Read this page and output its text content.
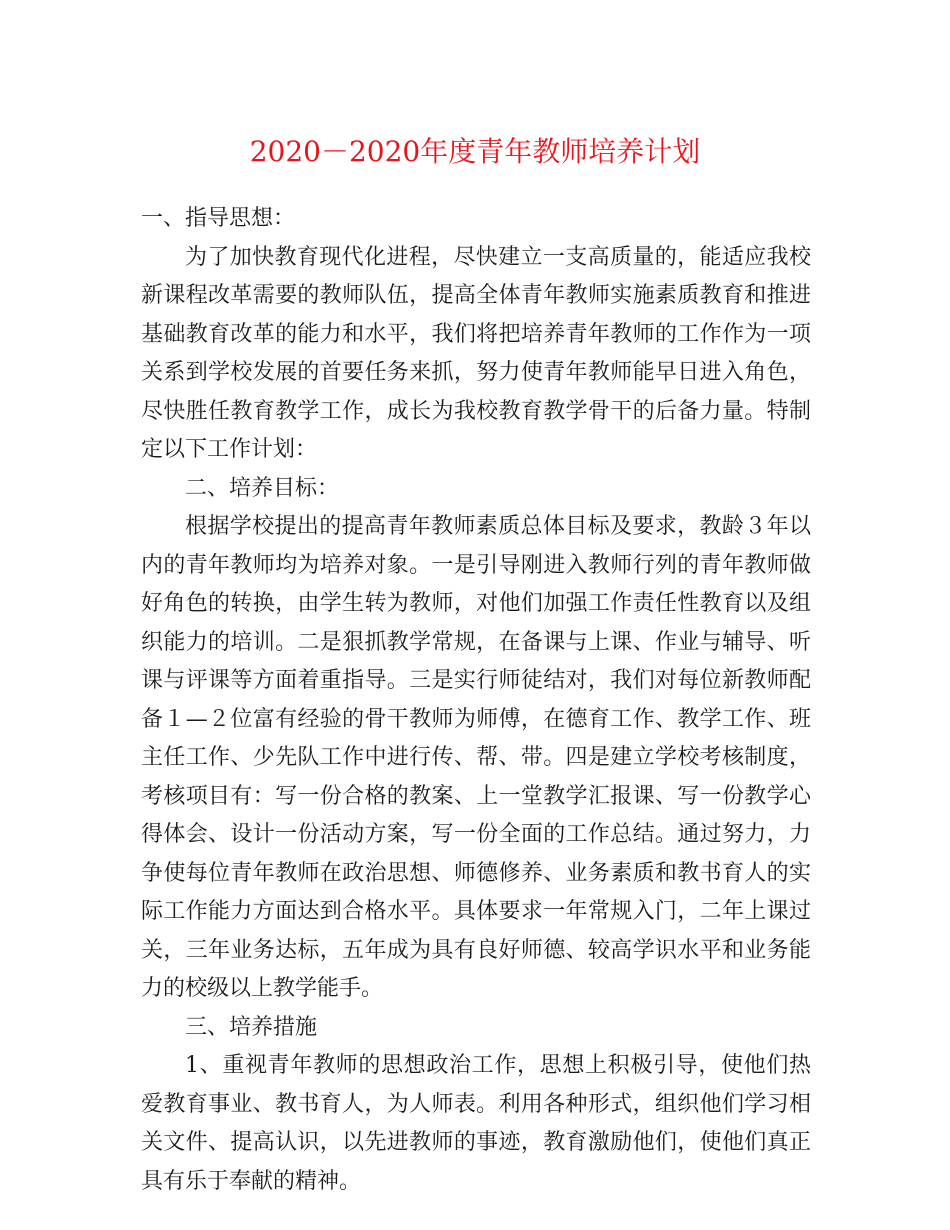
2020－2020年度青年教师培养计划

一、指导思想：

为了加快教育现代化进程，尽快建立一支高质量的，能适应我校新课程改革需要的教师队伍，提高全体青年教师实施素质教育和推进基础教育改革的能力和水平，我们将把培养青年教师的工作作为一项关系到学校发展的首要任务来抓，努力使青年教师能早日进入角色，尽快胜任教育教学工作，成长为我校教育教学骨干的后备力量。特制定以下工作计划：

二、培养目标：

根据学校提出的提高青年教师素质总体目标及要求，教龄３年以内的青年教师均为培养对象。一是引导刚进入教师行列的青年教师做好角色的转换，由学生转为教师，对他们加强工作责任性教育以及组织能力的培训。二是狠抓教学常规，在备课与上课、作业与辅导、听课与评课等方面着重指导。三是实行师徒结对，我们对每位新教师配备１—２位富有经验的骨干教师为师傅，在德育工作、教学工作、班主任工作、少先队工作中进行传、帮、带。四是建立学校考核制度，考核项目有：写一份合格的教案、上一堂教学汇报课、写一份教学心得体会、设计一份活动方案，写一份全面的工作总结。通过努力，力争使每位青年教师在政治思想、师德修养、业务素质和教书育人的实际工作能力方面达到合格水平。具体要求一年常规入门，二年上课过关，三年业务达标，五年成为具有良好师德、较高学识水平和业务能力的校级以上教学能手。

三、培养措施

1、重视青年教师的思想政治工作，思想上积极引导，使他们热爱教育事业、教书育人，为人师表。利用各种形式，组织他们学习相关文件、提高认识，以先进教师的事迹，教育激励他们，使他们真正具有乐于奉献的精神。
